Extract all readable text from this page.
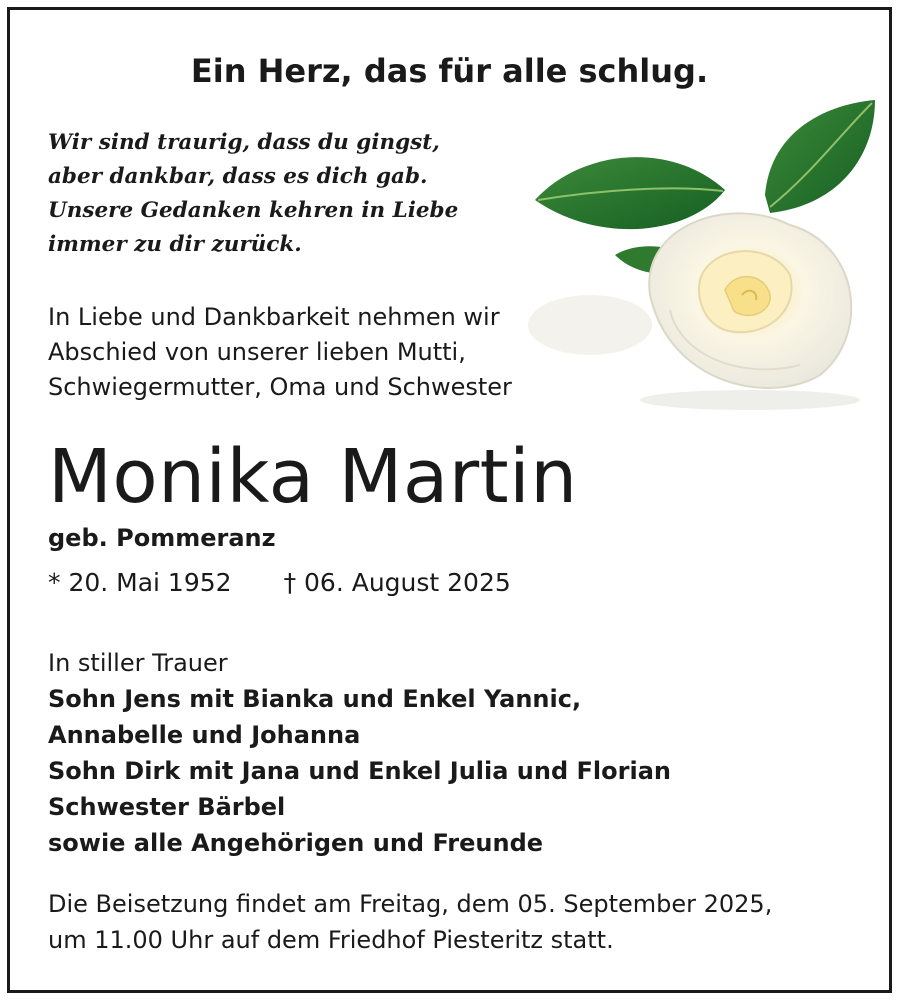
Ein Herz, das für alle schlug.

Wir sind traurig, dass du gingst,
aber dankbar, dass es dich gab.
Unsere Gedanken kehren in Liebe
immer zu dir zurück.
In Liebe und Dankbarkeit nehmen wir
Abschied von unserer lieben Mutti,
Schwiegermutter, Oma und Schwester

Monika Martin

geb. Pommeranz

* 20. Mai 1952 † 06. August 2025

In stiller Trauer
Sohn Jens mit Bianka und Enkel Yannic,
Annabelle und Johanna
Sohn Dirk mit Jana und Enkel Julia und Florian
Schwester Bärbel
sowie alle Angehörigen und Freunde
Die Beisetzung findet am Freitag, dem 05. September 2025,
um 11.00 Uhr auf dem Friedhof Piesteritz statt.
